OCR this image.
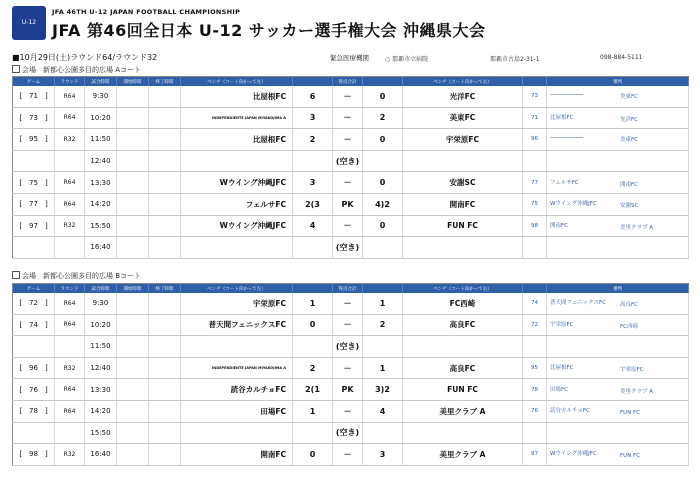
U-12
JFA 46TH U-12 JAPAN FOOTBALL CHAMPIONSHIP
JFA 第46回全日本 U-12 サッカー選手権大会 沖縄県大会
■10月29日(土)ラウンド64/ラウンド32	緊急医療機関	○ 那覇市立病院	那覇市古島2-31-1	098-884-5111
会場　新都心公園多目的広場 Aコート
ゲーム	ラウンド	試合時間	開始時間	終了時間	ベンチ（コート向かって左）		得点合計		ベンチ（コート向かって右）		審判
[　71　]	R64	9:30			比屋根FC	6	－	0	光洋FC	73	────────── 美東FC
[　73　]	R64	10:20			INDEPENDIENTE JAPAN MIYAKOJIMA A	3	－	2	美東FC	71	比屋根FC 光洋FC
[　95　]	R32	11:50			比屋根FC	2	－	0	宇栄原FC	96	────────── 美東FC
		12:40					(空き)				
[　75　]	R64	13:30			Wウイング沖縄JFC	3	－	0	安謝SC	77	フェルサFC 開南FC
[　77　]	R64	14:20			フェルサFC	2(3	PK	4)2	開南FC	75	Wウイング沖縄JFC 安謝SC
[　97　]	R32	15:50			Wウイング沖縄JFC	4	－	0	FUN FC	98	開南FC 美里クラブ A
		16:40					(空き)				
会場　新都心公園多目的広場 Bコート
ゲーム	ラウンド	試合時間	開始時間	終了時間	ベンチ（コート向かって左）		得点合計		ベンチ（コート向かって右）		審判
[　72　]	R64	9:30			宇栄原FC	1	－	1	FC西崎	74	普天間フェニックスFC 高良FC
[　74　]	R64	10:20			普天間フェニックスFC	0	－	2	高良FC	72	宇栄原FC FC西崎
		11:50					(空き)				
[　96　]	R32	12:40			INDEPENDIENTE JAPAN MIYAKOJIMA A	2	－	1	高良FC	95	比屋根FC 宇栄原FC
[　76　]	R64	13:30			読谷カルチョFC	2(1	PK	3)2	FUN FC	78	田場FC 美里クラブ A
[　78　]	R64	14:20			田場FC	1	－	4	美里クラブ A	76	読谷カルチョFC FUN FC
		15:50					(空き)				
[　98　]	R32	16:40			開南FC	0	－	3	美里クラブ A	97	Wウイング沖縄JFC FUN FC
